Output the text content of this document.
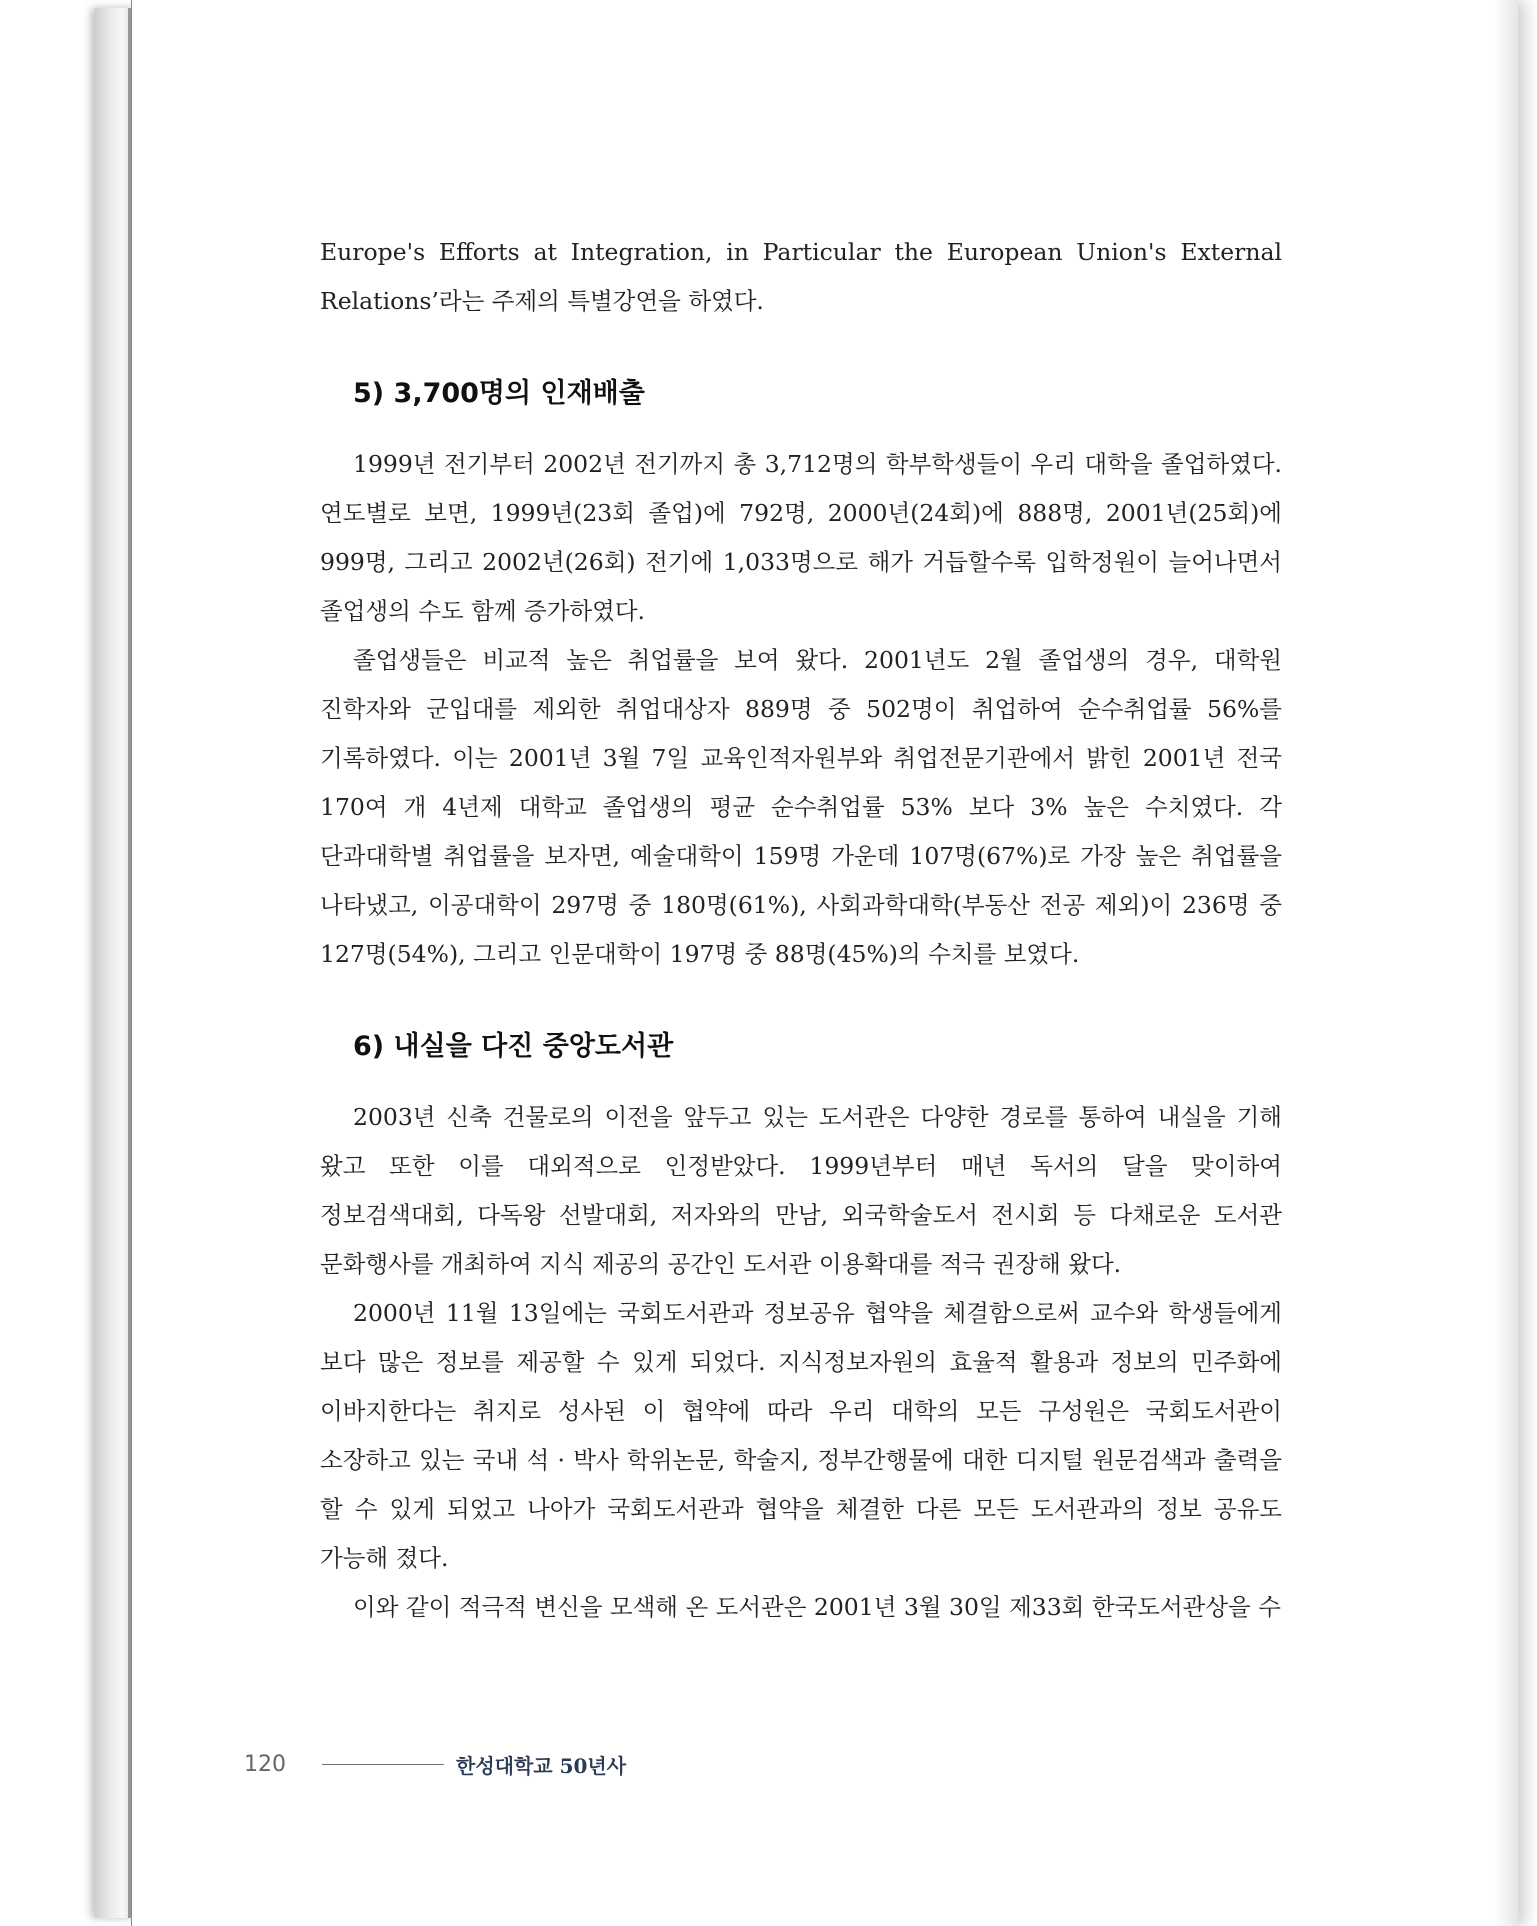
Europe's Efforts at Integration, in Particular the European Union's External Relations’라는 주제의 특별강연을 하였다.

5) 3,700명의 인재배출

1999년 전기부터 2002년 전기까지 총 3,712명의 학부학생들이 우리 대학을 졸업하였다. 연도별로 보면, 1999년(23회 졸업)에 792명, 2000년(24회)에 888명, 2001년(25회)에 999명, 그리고 2002년(26회) 전기에 1,033명으로 해가 거듭할수록 입학정원이 늘어나면서 졸업생의 수도 함께 증가하였다.

졸업생들은 비교적 높은 취업률을 보여 왔다. 2001년도 2월 졸업생의 경우, 대학원 진학자와 군입대를 제외한 취업대상자 889명 중 502명이 취업하여 순수취업률 56%를 기록하였다. 이는 2001년 3월 7일 교육인적자원부와 취업전문기관에서 밝힌 2001년 전국 170여 개 4년제 대학교 졸업생의 평균 순수취업률 53% 보다 3% 높은 수치였다. 각 단과대학별 취업률을 보자면, 예술대학이 159명 가운데 107명(67%)로 가장 높은 취업률을 나타냈고, 이공대학이 297명 중 180명(61%), 사회과학대학(부동산 전공 제외)이 236명 중 127명(54%), 그리고 인문대학이 197명 중 88명(45%)의 수치를 보였다.

6) 내실을 다진 중앙도서관

2003년 신축 건물로의 이전을 앞두고 있는 도서관은 다양한 경로를 통하여 내실을 기해 왔고 또한 이를 대외적으로 인정받았다. 1999년부터 매년 독서의 달을 맞이하여 정보검색대회, 다독왕 선발대회, 저자와의 만남, 외국학술도서 전시회 등 다채로운 도서관 문화행사를 개최하여 지식 제공의 공간인 도서관 이용확대를 적극 권장해 왔다.

2000년 11월 13일에는 국회도서관과 정보공유 협약을 체결함으로써 교수와 학생들에게 보다 많은 정보를 제공할 수 있게 되었다. 지식정보자원의 효율적 활용과 정보의 민주화에 이바지한다는 취지로 성사된 이 협약에 따라 우리 대학의 모든 구성원은 국회도서관이 소장하고 있는 국내 석 · 박사 학위논문, 학술지, 정부간행물에 대한 디지털 원문검색과 출력을 할 수 있게 되었고 나아가 국회도서관과 협약을 체결한 다른 모든 도서관과의 정보 공유도 가능해 졌다.

이와 같이 적극적 변신을 모색해 온 도서관은 2001년 3월 30일 제33회 한국도서관상을 수

120	한성대학교 50년사
